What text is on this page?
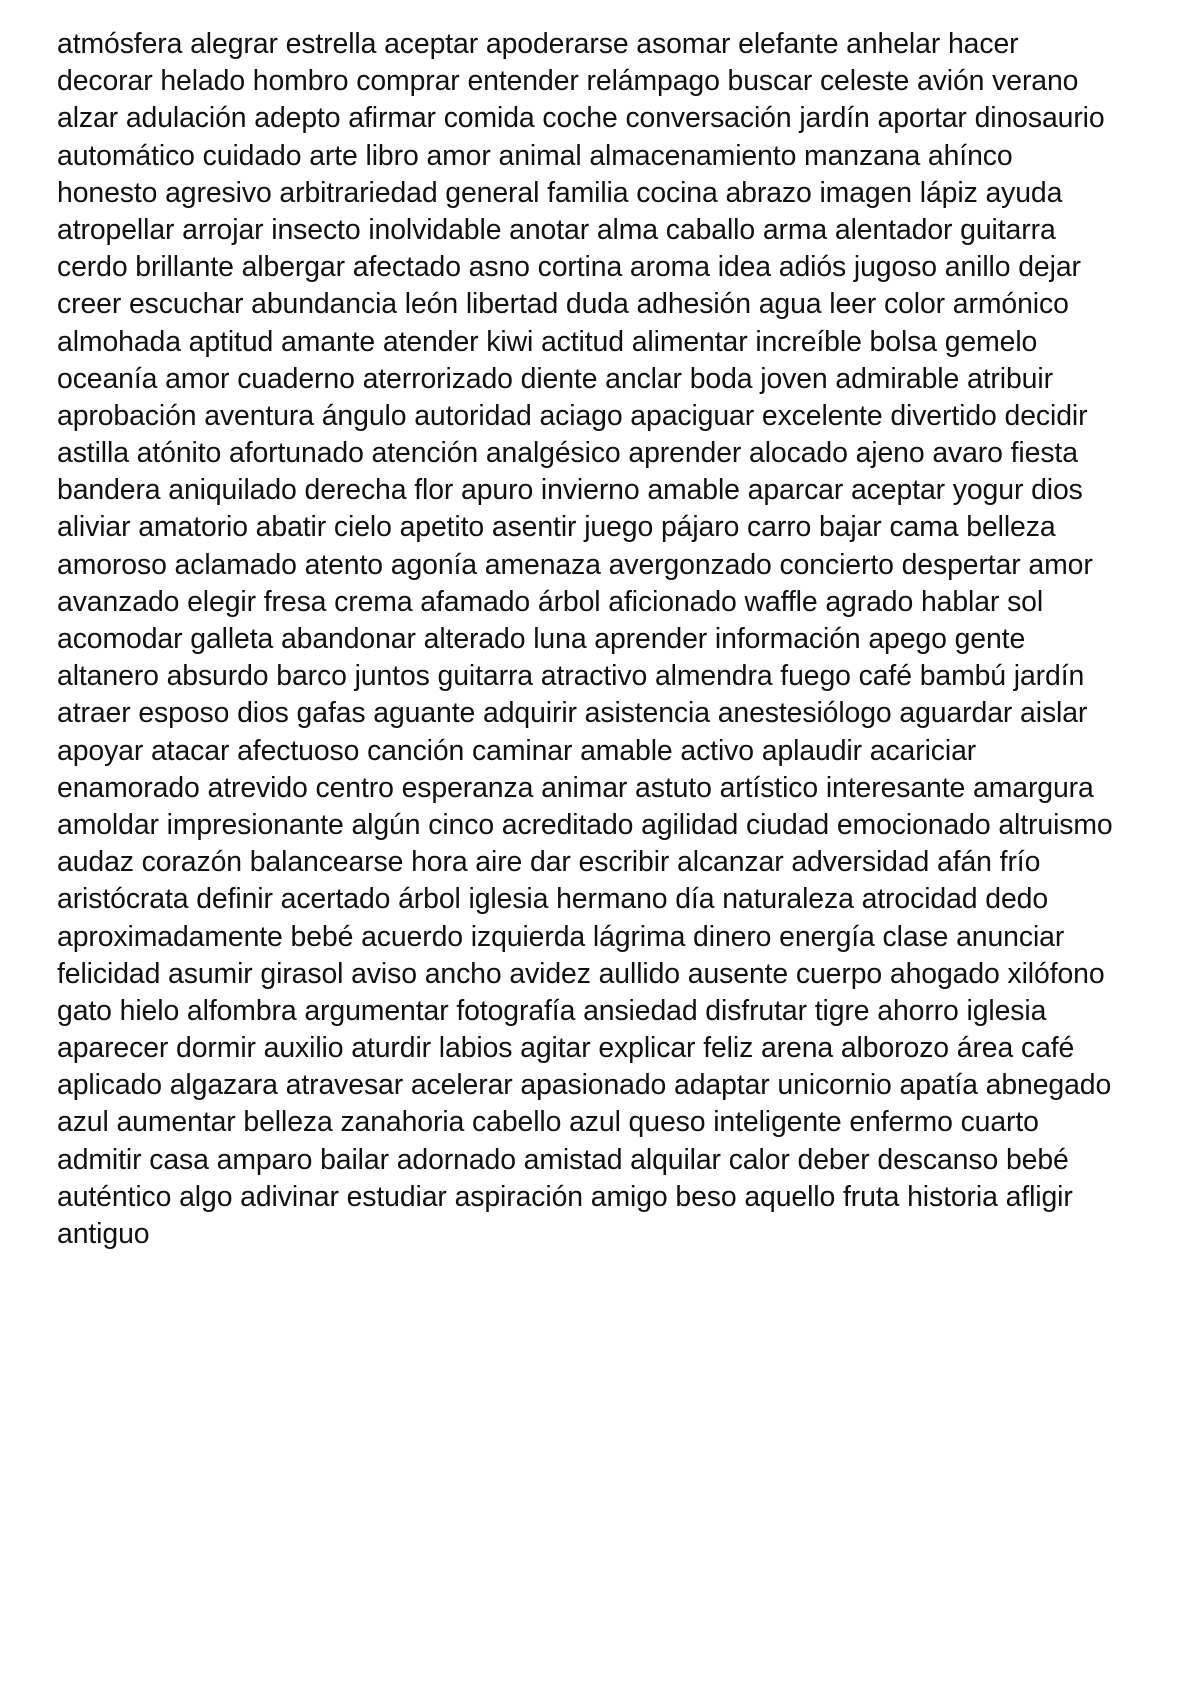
atmósfera alegrar estrella aceptar apoderarse asomar elefante anhelar hacer
decorar helado hombro comprar entender relámpago buscar celeste avión verano
alzar adulación adepto afirmar comida coche conversación jardín aportar dinosaurio
automático cuidado arte libro amor animal almacenamiento manzana ahínco
honesto agresivo arbitrariedad general familia cocina abrazo imagen lápiz ayuda
atropellar arrojar insecto inolvidable anotar alma caballo arma alentador guitarra
cerdo brillante albergar afectado asno cortina aroma idea adiós jugoso anillo dejar
creer escuchar abundancia león libertad duda adhesión agua leer color armónico
almohada aptitud amante atender kiwi actitud alimentar increíble bolsa gemelo
oceanía amor cuaderno aterrorizado diente anclar boda joven admirable atribuir
aprobación aventura ángulo autoridad aciago apaciguar excelente divertido decidir
astilla atónito afortunado atención analgésico aprender alocado ajeno avaro fiesta
bandera aniquilado derecha flor apuro invierno amable aparcar aceptar yogur dios
aliviar amatorio abatir cielo apetito asentir juego pájaro carro bajar cama belleza
amoroso aclamado atento agonía amenaza avergonzado concierto despertar amor
avanzado elegir fresa crema afamado árbol aficionado waffle agrado hablar sol
acomodar galleta abandonar alterado luna aprender información apego gente
altanero absurdo barco juntos guitarra atractivo almendra fuego café bambú jardín
atraer esposo dios gafas aguante adquirir asistencia anestesiólogo aguardar aislar
apoyar atacar afectuoso canción caminar amable activo aplaudir acariciar
enamorado atrevido centro esperanza animar astuto artístico interesante amargura
amoldar impresionante algún cinco acreditado agilidad ciudad emocionado altruismo
audaz corazón balancearse hora aire dar escribir alcanzar adversidad afán frío
aristócrata definir acertado árbol iglesia hermano día naturaleza atrocidad dedo
aproximadamente bebé acuerdo izquierda lágrima dinero energía clase anunciar
felicidad asumir girasol aviso ancho avidez aullido ausente cuerpo ahogado xilófono
gato hielo alfombra argumentar fotografía ansiedad disfrutar tigre ahorro iglesia
aparecer dormir auxilio aturdir labios agitar explicar feliz arena alborozo área café
aplicado algazara atravesar acelerar apasionado adaptar unicornio apatía abnegado
azul aumentar belleza zanahoria cabello azul queso inteligente enfermo cuarto
admitir casa amparo bailar adornado amistad alquilar calor deber descanso bebé
auténtico algo adivinar estudiar aspiración amigo beso aquello fruta historia afligir
antiguo
